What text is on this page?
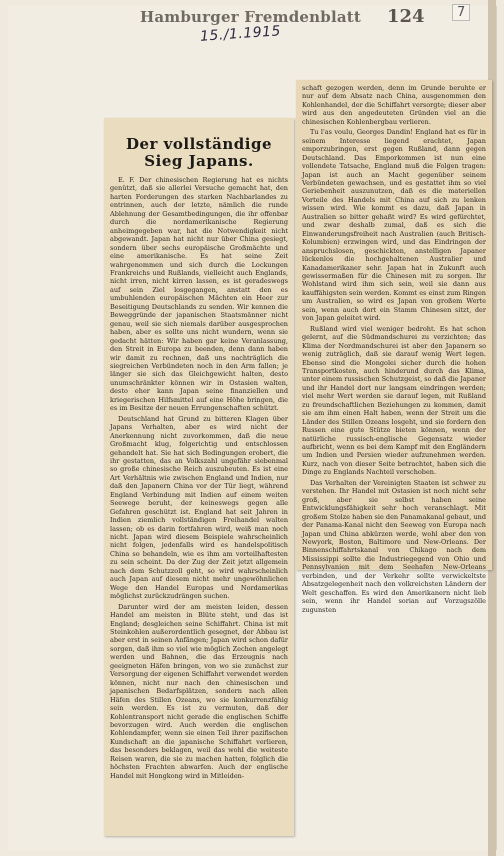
Hamburger Fremdenblatt 124
15./1.1915
7
Der vollständige Sieg Japans.

E. F. Der chinesischen Regierung hat es nichts genützt, daß sie allerlei Versuche gemacht hat, den harten Forderungen des starken Nachbarlandes zu entrinnen, auch der letzte, nämlich die runde Ablehnung der Gesamtbedingungen, die ihr offenbar durch die nordamerikanische Regierung anheimgegeben war, hat die Notwendigkeit nicht abgewandt. Japan hat nicht nur über China gesiegt, sondern über sechs europäische Großmächte und eine amerikanische. Es hat seine Zeit wahrgenommen und sich durch die Lockungen Frankreichs und Rußlands, vielleicht auch Englands, nicht irren, nicht kirren lassen, es ist geradeswegs auf sein Ziel losgegangen, anstatt den es umbuhlenden europäischen Mächten ein Heer zur Beseitigung Deutschlands zu senden. Wir kennen die Beweggründe der japanischen Staatsmänner nicht genau, weil sie sich niemals darüber ausgesprochen haben, aber es sollte uns nicht wundern, wenn sie gedacht hätten: Wir haben gar keine Veranlassung, den Streit in Europa zu beenden, denn dann haben wir damit zu rechnen, daß uns nachträglich die siegreichen Verbündeten noch in den Arm fallen; je länger sie sich das Gleichgewicht halten, desto unumschränkter können wir in Ostasien walten, desto eher kann Japan seine finanziellen und kriegerischen Hilfsmittel auf eine Höhe bringen, die es im Besitze der neuen Errungenschaften schützt.

Deutschland hat Grund zu bitteren Klagen über Japans Verhalten, aber es wird nicht der Anerkennung nicht zuvorkommen, daß die neue Großmacht klug, folgerichtig und entschlossen gehandelt hat. Sie hat sich Bedingungen erobert, die ihr gestatten, das an Volkszahl ungefähr siebenmal so große chinesische Reich auszubeuten. Es ist eine Art Verhältnis wie zwischen England und Indien, nur daß den Japanern China vor der Tür liegt, während England Verbindung mit Indien auf einem weiten Seewege beruht, der keineswegs gegen alle Gefahren geschützt ist. England hat seit Jahren in Indien ziemlich vollständigen Freihandel walten lassen; ob es darin fortfahren wird, weiß man noch nicht. Japan wird diesem Beispiele wahrscheinlich nicht folgen, jedenfalls wird es handelspolitisch China so behandeln, wie es ihm am vorteilhaftesten zu sein scheint. Da der Zug der Zeit jetzt allgemein nach dem Schutzzoll geht, so wird wahrscheinlich auch Japan auf diesem nicht mehr ungewöhnlichen Wege den Handel Europas und Nordamerikas möglichst zurückzudrängen suchen.

Darunter wird der am meisten leiden, dessen Handel am meisten in Blüte steht, und das ist England; desgleichen seine Schiffahrt. China ist mit Steinkohlen außerordentlich gesegnet, der Abbau ist aber erst in seinen Anfängen; Japan wird schon dafür sorgen, daß ihm so viel wie möglich Zechen angelegt werden und Bahnen, die das Erzeugnis nach geeigneten Häfen bringen, von wo sie zunächst zur Versorgung der eigenen Schiffahrt verwendet werden können, nicht nur nach den chinesischen und japanischen Bedarfsplätzen, sondern nach allen Häfen des Stillen Ozeans, wo sie konkurrenzfähig sein werden. Es ist zu vermuten, daß der Kohlentransport nicht gerade die englischen Schiffe bevorzugen wird. Auch werden die englischen Kohlendampfer, wenn sie einen Teil ihrer pazifischen Kundschaft an die japanische Schiffahrt verlieren, das besonders beklagen, weil das wohl die weiteste Reisen waren, die sie zu machen hatten, folglich die höchsten Frachten abwarfen. Auch der englische Handel mit Hongkong wird in Mitleiden-

schaft gezogen werden, denn im Grunde beruhte er nur auf dem Absatz nach China, ausgenommen den Kohlenhandel, der die Schiffahrt versorgte; dieser aber wird aus den angedeuteten Gründen viel an die chinesischen Kohlenbergbau verlieren.

Tu l'as voulu, Georges Dandin! England hat es für in seinem Interesse liegend erachtet, Japan emporzubringen, erst gegen Rußland, dann gegen Deutschland. Das Emporkommen ist nun eine vollendete Tatsache, England muß die Folgen tragen: Japan ist auch an Macht gegenüber seinem Verbündeten gewachsen, und es gestattet ihm so viel Geriebenheit auszunutzen, daß es die materiellen Vorteile des Handels mit China auf sich zu lenken wissen wird. Wie kommt es dazu, daß Japan in Australien so bitter gehaßt wird? Es wird gefürchtet, und zwar deshalb zumal, daß es sich die Einwanderungsfreiheit nach Australien (auch Britisch-Kolumbien) erzwingen wird, und das Eindringen der anspruchslosen, geschickten, anstelligen Japaner lückenlos die hochgehaltenen Australier und Kanadamerikaner sehr. Japan hat in Zukunft auch gewissermaßen für die Chinesen mit zu sorgen. Ihr Wohlstand wird ihm sich sein, weil sie dann aus kauffähigsten sein werden. Kommt es einst zum Ringen um Australien, so wird es Japan von großem Werte sein, wenn auch dort ein Stamm Chinesen sitzt, der von Japan geleitet wird.

Rußland wird viel weniger bedroht. Es hat schon gelernt, auf die Südmandschurei zu verzichten; das Klima der Nordmandschurei ist aber den Japanern so wenig zuträglich, daß sie darauf wenig Wert legen. Ebenso sind die Mongolei sicher durch die hohen Transportkosten, auch hinderund durch das Klima, unter einem russischen Schutzgeist, so daß die Japaner und ihr Handel dort nur langsam eindringen werden; viel mehr Wert werden sie darauf legen, mit Rußland zu freundschaftlichen Beziehungen zu kommen, damit sie am ihm einen Halt haben, wenn der Streit um die Länder des Stillen Ozeans losgeht, und sie fordern den Russen eine gute Stütze bieten können, wenn der natürliche russisch-englische Gegensatz wieder aufbricht, wenn es bei dem Kampf mit den Engländern um Indien und Persien wieder aufzunehmen werden. Kurz, nach von dieser Seite betrachtet, haben sich die Dinge zu Englands Nachteil verschoben.

Das Verhalten der Vereinigten Staaten ist schwer zu verstehen. Ihr Handel mit Ostasien ist noch nicht sehr groß, aber sie selbst haben seine Entwicklungsfähigkeit sehr hoch veranschlagt. Mit großem Stolze haben sie den Panamakanal gebaut, und der Panama-Kanal nicht den Seeweg von Europa nach Japan und China abkürzen werde, wohl aber den von Newyork, Boston, Baltimore und New-Orleans. Der Binnenschiffahrtskanal von Chikago nach dem Mississippi sollte die Industriegegend von Ohio und Pennsylvanien mit dem Seehafen New-Orleans verbinden, und der Verkehr sollte verwickeltste Absatzgelegenheit nach den volkreichsten Ländern der Welt geschaffen. Es wird den Amerikanern nicht lieb sein, wenn ihr Handel sorian auf Vorzugszölle zugunsten
